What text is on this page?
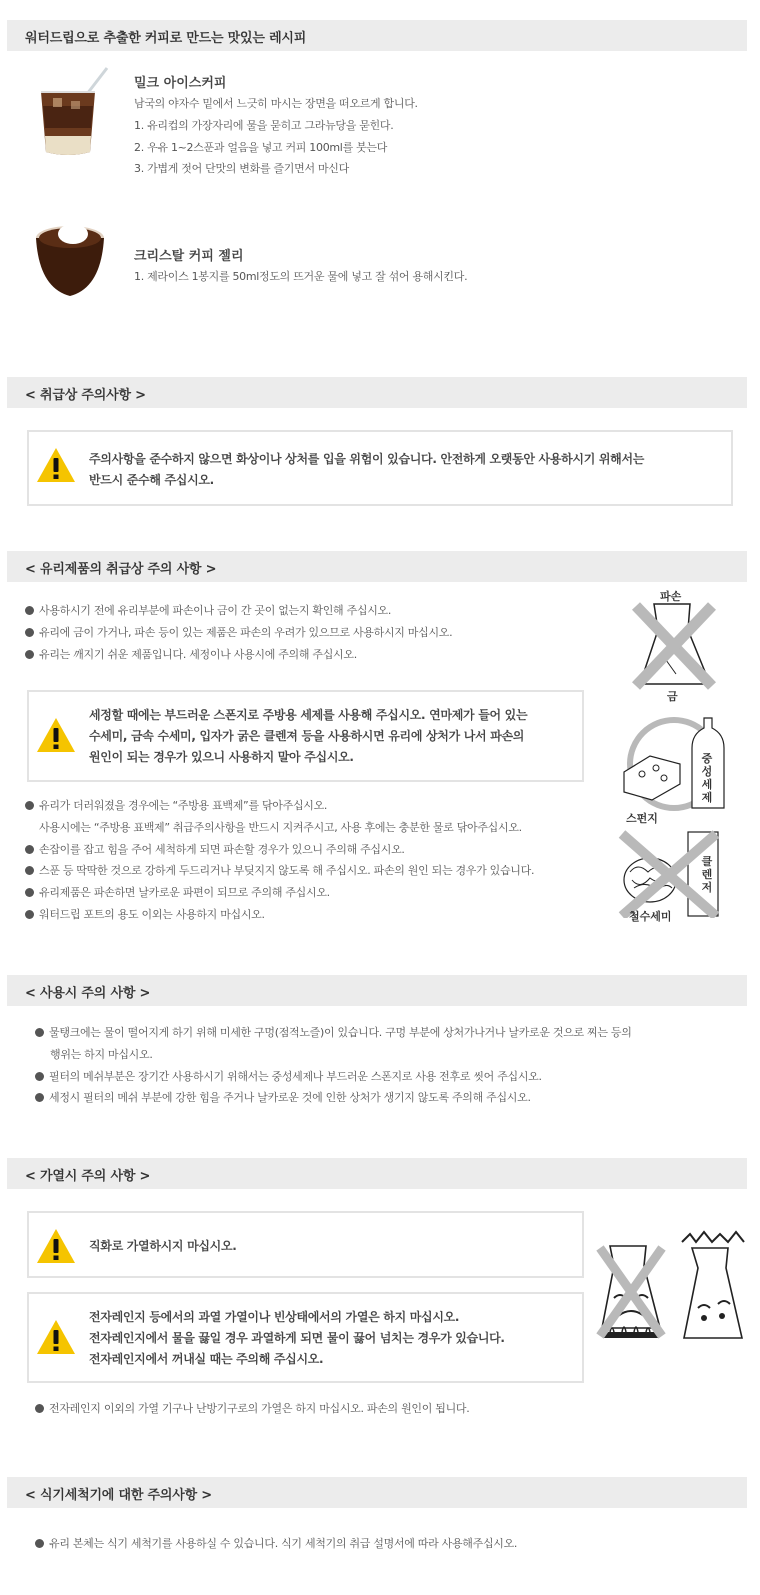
워터드립으로 추출한 커피로 만드는 맛있는 레시피
밀크 아이스커피
남국의 야자수 밑에서 느긋히 마시는 장면을 떠오르게 합니다.
1. 유리컵의 가장자리에 물을 묻히고 그라뉴당을 묻힌다.
2. 우유 1~2스푼과 얼음을 넣고 커피 100ml를 붓는다
3. 가볍게 젓어 단맛의 변화를 즐기면서 마신다
크리스탈 커피 젤리
1. 제라이스 1봉지를 50ml정도의 뜨거운 물에 넣고 잘 섞어 용해시킨다.
< 취급상 주의사항 >
주의사항을 준수하지 않으면 화상이나 상처를 입을 위험이 있습니다. 안전하게 오랫동안 사용하시기 위해서는
반드시 준수해 주십시오.
< 유리제품의 취급상 주의 사항 >
사용하시기 전에 유리부분에 파손이나 금이 간 곳이 없는지 확인해 주십시오.
유리에 금이 가거나, 파손 등이 있는 제품은 파손의 우려가 있으므로 사용하시지 마십시오.
유리는 깨지기 쉬운 제품입니다. 세정이나 사용시에 주의해 주십시오.
세정할 때에는 부드러운 스폰지로 주방용 세제를 사용해 주십시오. 연마제가 들어 있는
수세미, 금속 수세미, 입자가 굵은 클렌져 등을 사용하시면 유리에 상처가 나서 파손의
원인이 되는 경우가 있으니 사용하지 말아 주십시오.
유리가 더러워졌을 경우에는 “주방용 표백제”를 닦아주십시오.
사용시에는 “주방용 표백제” 취급주의사항을 반드시 지켜주시고, 사용 후에는 충분한 물로 닦아주십시오.
손잡이를 잡고 힘을 주어 세척하게 되면 파손할 경우가 있으니 주의해 주십시오.
스푼 등 딱딱한 것으로 강하게 두드리거나 부딪지지 않도록 해 주십시오. 파손의 원인 되는 경우가 있습니다.
유리제품은 파손하면 날카로운 파편이 되므로 주의해 주십시오.
워터드립 포트의 용도 이외는 사용하지 마십시오.
파손
금
중성세제
스펀지
클렌저
철수세미
< 사용시 주의 사항 >
물탱크에는 물이 떨어지게 하기 위해 미세한 구멍(점적노즐)이 있습니다. 구멍 부분에 상처가나거나 날카로운 것으로 찌는 등의
행위는 하지 마십시오.
필터의 메쉬부분은 장기간 사용하시기 위해서는 중성세제나 부드러운 스폰지로 사용 전후로 씻어 주십시오.
세정시 필터의 메쉬 부분에 강한 힘을 주거나 날카로운 것에 인한 상처가 생기지 않도록 주의해 주십시오.
< 가열시 주의 사항 >
직화로 가열하시지 마십시오.
전자레인지 등에서의 과열 가열이나 빈상태에서의 가열은 하지 마십시오.
전자레인지에서 물을 끓일 경우 과열하게 되면 물이 끓어 넘치는 경우가 있습니다.
전자레인지에서 꺼내실 때는 주의해 주십시오.
전자레인지 이외의 가열 기구나 난방기구로의 가열은 하지 마십시오. 파손의 원인이 됩니다.
< 식기세척기에 대한 주의사항 >
유리 본체는 식기 세척기를 사용하실 수 있습니다. 식기 세척기의 취급 설명서에 따라 사용해주십시오.
